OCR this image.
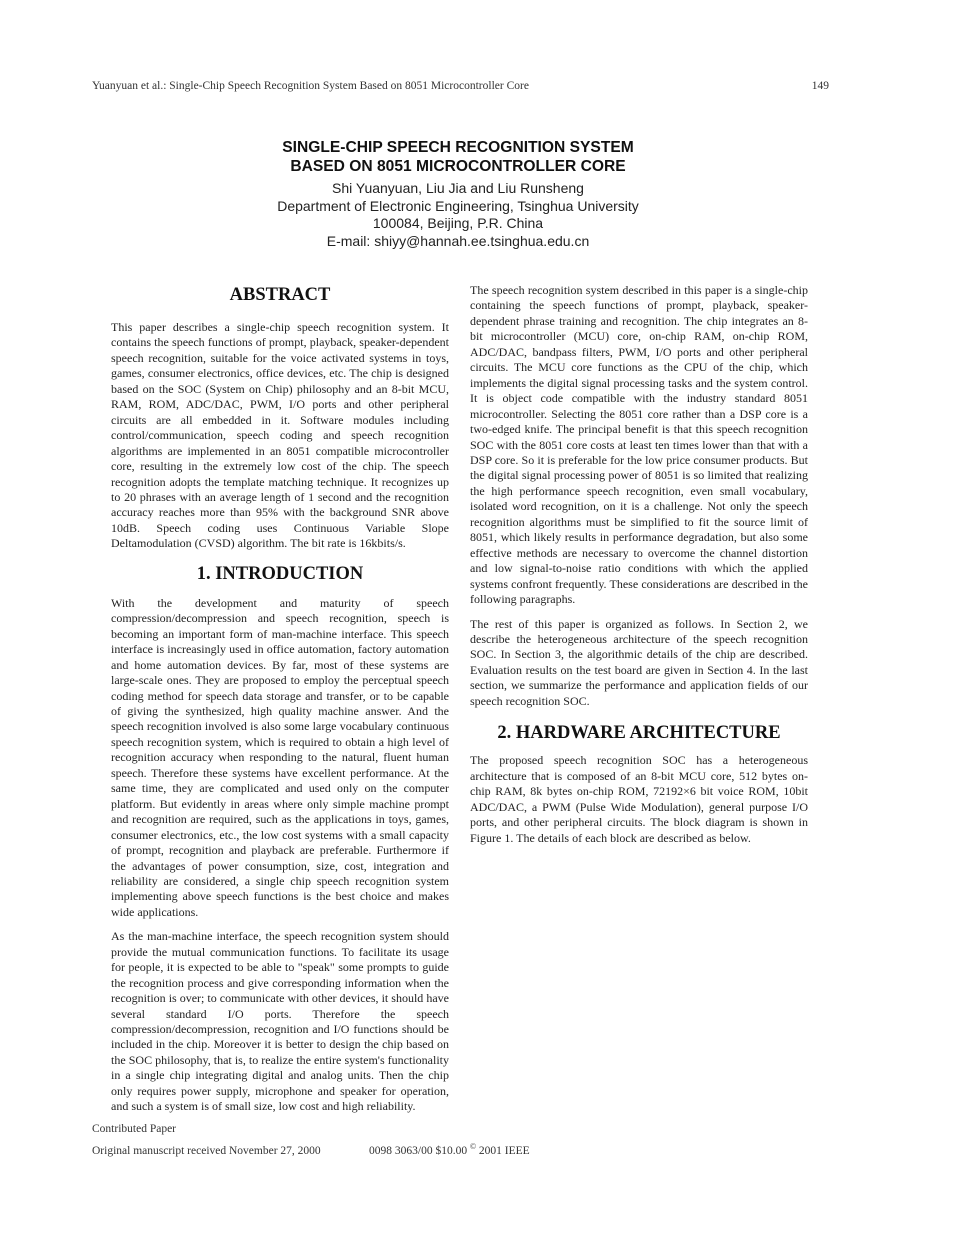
Yuanyuan et al.: Single-Chip Speech Recognition System Based on 8051 Microcontroller Core	149
SINGLE-CHIP SPEECH RECOGNITION SYSTEM
BASED ON 8051 MICROCONTROLLER CORE
Shi Yuanyuan, Liu Jia and Liu Runsheng
Department of Electronic Engineering, Tsinghua University
100084, Beijing, P.R. China
E-mail: shiyy@hannah.ee.tsinghua.edu.cn
ABSTRACT

This paper describes a single-chip speech recognition system. It contains the speech functions of prompt, playback, speaker-dependent speech recognition, suitable for the voice activated systems in toys, games, consumer electronics, office devices, etc. The chip is designed based on the SOC (System on Chip) philosophy and an 8-bit MCU, RAM, ROM, ADC/DAC, PWM, I/O ports and other peripheral circuits are all embedded in it. Software modules including control/communication, speech coding and speech recognition algorithms are implemented in an 8051 compatible microcontroller core, resulting in the extremely low cost of the chip. The speech recognition adopts the template matching technique. It recognizes up to 20 phrases with an average length of 1 second and the recognition accuracy reaches more than 95% with the background SNR above 10dB. Speech coding uses Continuous Variable Slope Deltamodulation (CVSD) algorithm. The bit rate is 16kbits/s.

1. INTRODUCTION

With the development and maturity of speech compression/decompression and speech recognition, speech is becoming an important form of man-machine interface. This speech interface is increasingly used in office automation, factory automation and home automation devices. By far, most of these systems are large-scale ones. They are proposed to employ the perceptual speech coding method for speech data storage and transfer, or to be capable of giving the synthesized, high quality machine answer. And the speech recognition involved is also some large vocabulary continuous speech recognition system, which is required to obtain a high level of recognition accuracy when responding to the natural, fluent human speech. Therefore these systems have excellent performance. At the same time, they are complicated and used only on the computer platform. But evidently in areas where only simple machine prompt and recognition are required, such as the applications in toys, games, consumer electronics, etc., the low cost systems with a small capacity of prompt, recognition and playback are preferable. Furthermore if the advantages of power consumption, size, cost, integration and reliability are considered, a single chip speech recognition system implementing above speech functions is the best choice and makes wide applications.

As the man-machine interface, the speech recognition system should provide the mutual communication functions. To facilitate its usage for people, it is expected to be able to "speak" some prompts to guide the recognition process and give corresponding information when the recognition is over; to communicate with other devices, it should have several standard I/O ports. Therefore the speech compression/decompression, recognition and I/O functions should be included in the chip. Moreover it is better to design the chip based on the SOC philosophy, that is, to realize the entire system's functionality in a single chip integrating digital and analog units. Then the chip only requires power supply, microphone and speaker for operation, and such a system is of small size, low cost and high reliability.

The speech recognition system described in this paper is a single-chip containing the speech functions of prompt, playback, speaker-dependent phrase training and recognition. The chip integrates an 8-bit microcontroller (MCU) core, on-chip RAM, on-chip ROM, ADC/DAC, bandpass filters, PWM, I/O ports and other peripheral circuits. The MCU core functions as the CPU of the chip, which implements the digital signal processing tasks and the system control. It is object code compatible with the industry standard 8051 microcontroller. Selecting the 8051 core rather than a DSP core is a two-edged knife. The principal benefit is that this speech recognition SOC with the 8051 core costs at least ten times lower than that with a DSP core. So it is preferable for the low price consumer products. But the digital signal processing power of 8051 is so limited that realizing the high performance speech recognition, even small vocabulary, isolated word recognition, on it is a challenge. Not only the speech recognition algorithms must be simplified to fit the source limit of 8051, which likely results in performance degradation, but also some effective methods are necessary to overcome the channel distortion and low signal-to-noise ratio conditions with which the applied systems confront frequently. These considerations are described in the following paragraphs.

The rest of this paper is organized as follows. In Section 2, we describe the heterogeneous architecture of the speech recognition SOC. In Section 3, the algorithmic details of the chip are described. Evaluation results on the test board are given in Section 4. In the last section, we summarize the performance and application fields of our speech recognition SOC.

2. HARDWARE ARCHITECTURE

The proposed speech recognition SOC has a heterogeneous architecture that is composed of an 8-bit MCU core, 512 bytes on-chip RAM, 8k bytes on-chip ROM, 72192×6 bit voice ROM, 10bit ADC/DAC, a PWM (Pulse Wide Modulation), general purpose I/O ports, and other peripheral circuits. The block diagram is shown in Figure 1. The details of each block are described as below.

Contributed Paper
Original manuscript received November 27, 2000	0098 3063/00 $10.00 © 2001 IEEE
